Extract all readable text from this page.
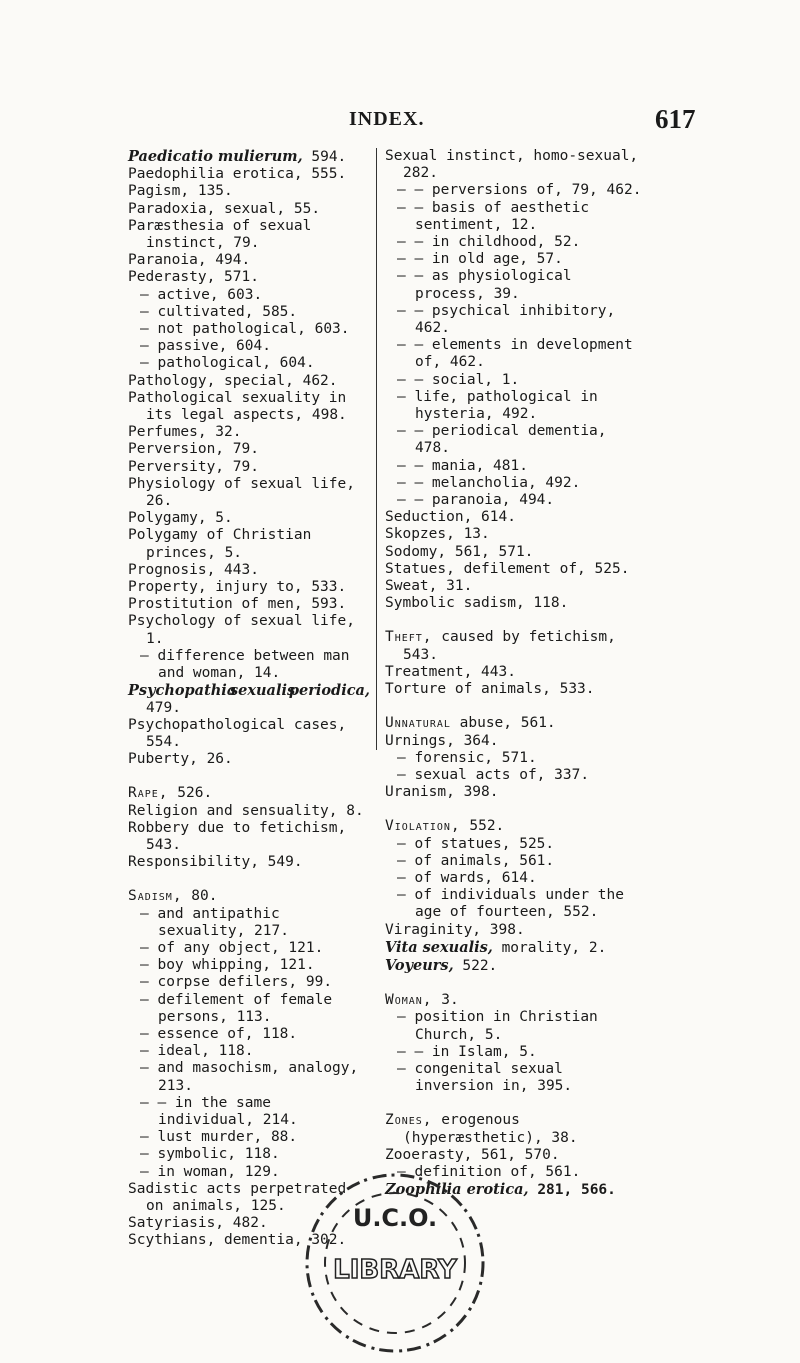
INDEX.	617
Paedicatio mulierum, 594.
Paedophilia erotica, 555.
Pagism, 135.
Paradoxia, sexual, 55.
Paræsthesia of sexual instinct, 79.
Paranoia, 494.
Pederasty, 571.
— active, 603.
— cultivated, 585.
— not pathological, 603.
— passive, 604.
— pathological, 604.
Pathology, special, 462.
Pathological sexuality in its legal aspects, 498.
Perfumes, 32.
Perversion, 79.
Perversity, 79.
Physiology of sexual life, 26.
Polygamy, 5.
Polygamy of Christian princes, 5.
Prognosis, 443.
Property, injury to, 533.
Prostitution of men, 593.
Psychology of sexual life, 1.
— difference between man and woman, 14.
Psychopathia
sexualis
periodica,
479.
Psychopathological cases, 554.
Puberty, 26.
Rape, 526.
Religion and sensuality, 8.
Robbery due to fetichism, 543.
Responsibility, 549.
Sadism, 80.
— and antipathic sexuality, 217.
— of any object, 121.
— boy whipping, 121.
— corpse defilers, 99.
— defilement of female persons, 113.
— essence of, 118.
— ideal, 118.
— and masochism, analogy, 213.
— — in the same individual, 214.
— lust murder, 88.
— symbolic, 118.
— in woman, 129.
Sadistic acts perpetrated on animals, 125.
Satyriasis, 482.
Scythians, dementia, 302.
Sexual instinct, homo-sexual, 282.
— — perversions of, 79, 462.
— — basis of aesthetic sentiment, 12.
— — in childhood, 52.
— — in old age, 57.
— — as physiological process, 39.
— — psychical inhibitory, 462.
— — elements in development of, 462.
— — social, 1.
— life, pathological in hysteria, 492.
— — periodical dementia, 478.
— — mania, 481.
— — melancholia, 492.
— — paranoia, 494.
Seduction, 614.
Skopzes, 13.
Sodomy, 561, 571.
Statues, defilement of, 525.
Sweat, 31.
Symbolic sadism, 118.
Theft, caused by fetichism, 543.
Treatment, 443.
Torture of animals, 533.
Unnatural abuse, 561.
Urnings, 364.
— forensic, 571.
— sexual acts of, 337.
Uranism, 398.
Violation, 552.
— of statues, 525.
— of animals, 561.
— of wards, 614.
— of individuals under the age of fourteen, 552.
Viraginity, 398.
Vita sexualis, morality, 2.
Voyeurs, 522.
Woman, 3.
— position in Christian Church, 5.
— — in Islam, 5.
— congenital sexual inversion in, 395.
Zones, erogenous (hyperæsthetic), 38.
Zooerasty, 561, 570.
— definition of, 561.
Zoophilia erotica, 281, 566.
U.C.O.
LIBRARY
